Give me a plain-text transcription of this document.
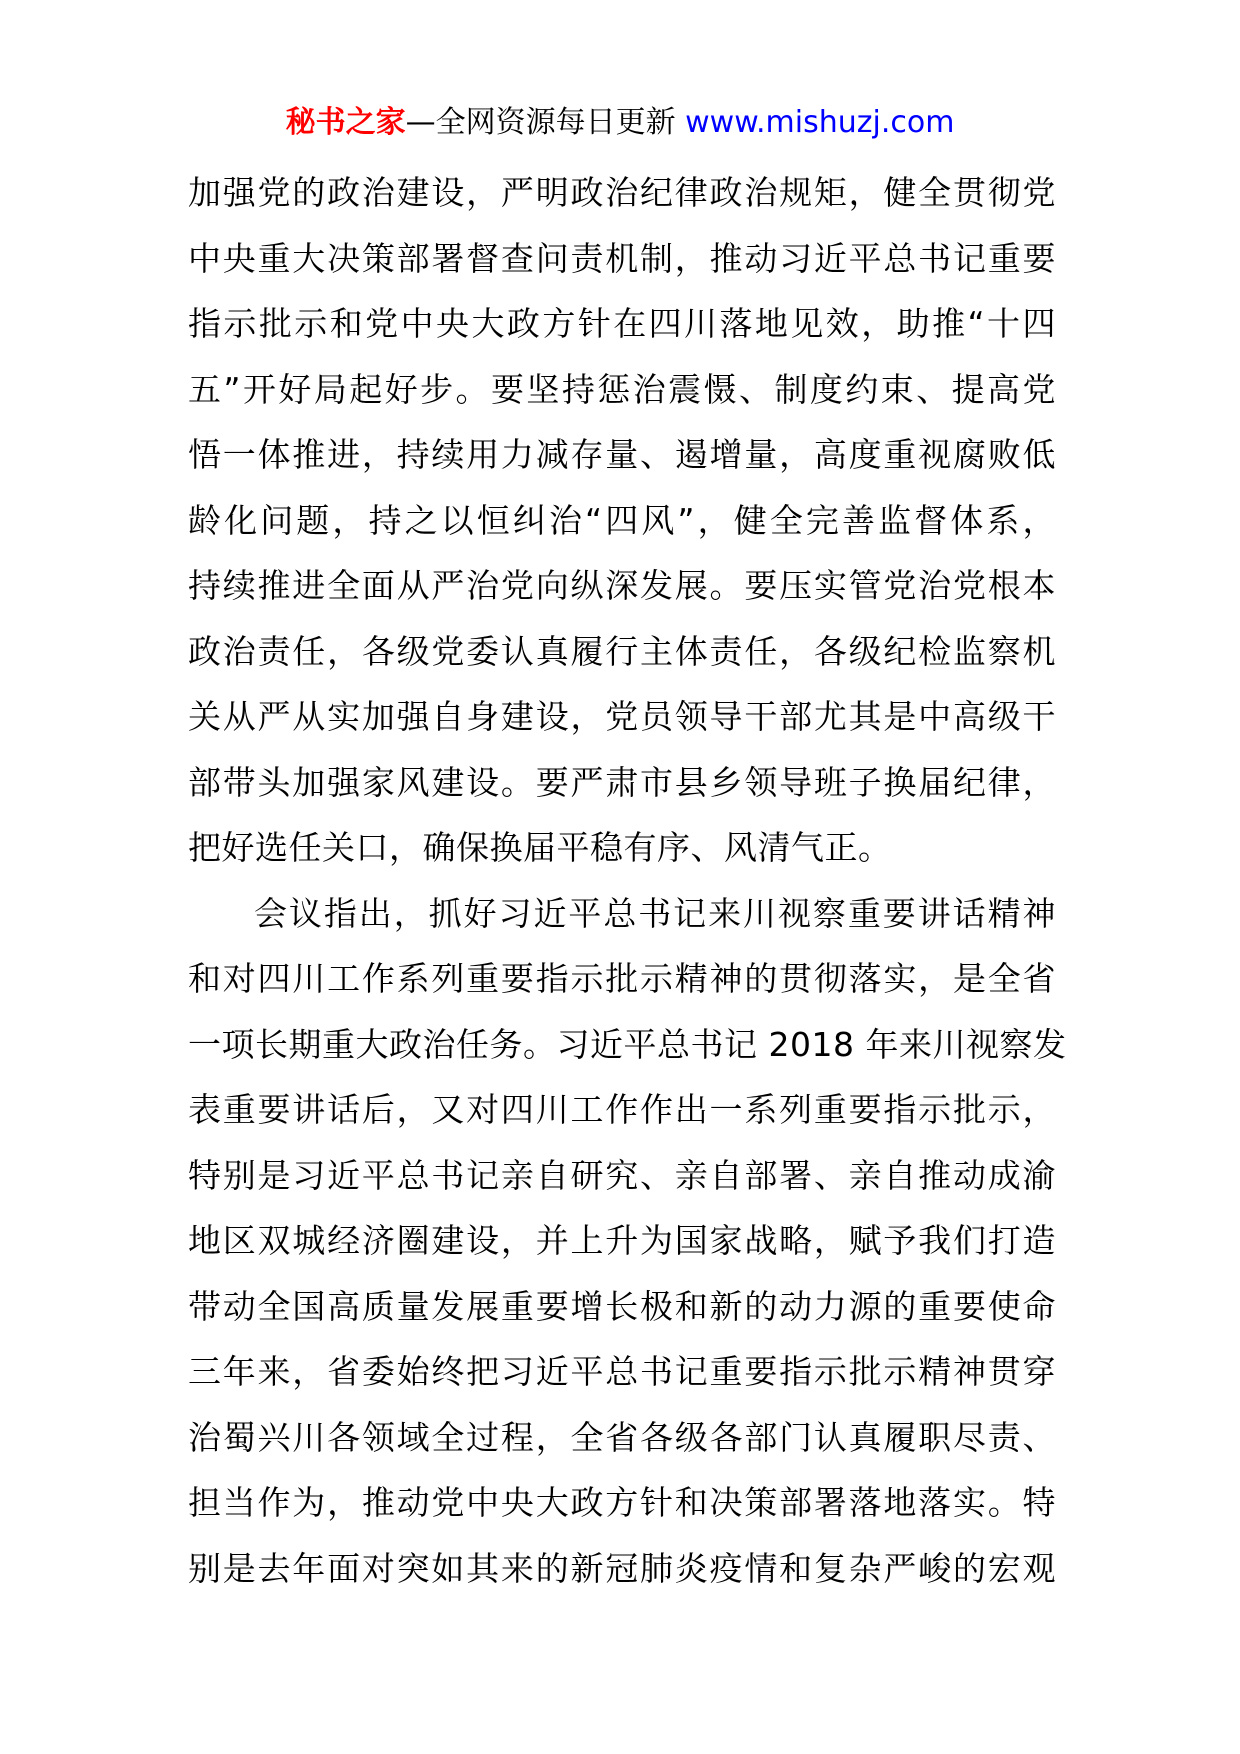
秘书之家—全网资源每日更新 www.mishuzj.com
加强党的政治建设，严明政治纪律政治规矩，健全贯彻党
中央重大决策部署督查问责机制，推动习近平总书记重要
指示批示和党中央大政方针在四川落地见效，助推“十四
五”开好局起好步。要坚持惩治震慑、制度约束、提高党
悟一体推进，持续用力减存量、遏增量，高度重视腐败低
龄化问题，持之以恒纠治“四风”，健全完善监督体系，
持续推进全面从严治党向纵深发展。要压实管党治党根本
政治责任，各级党委认真履行主体责任，各级纪检监察机
关从严从实加强自身建设，党员领导干部尤其是中高级干
部带头加强家风建设。要严肃市县乡领导班子换届纪律，
把好选任关口，确保换届平稳有序、风清气正。
会议指出，抓好习近平总书记来川视察重要讲话精神
和对四川工作系列重要指示批示精神的贯彻落实，是全省
一项长期重大政治任务。习近平总书记 2018 年来川视察发
表重要讲话后，又对四川工作作出一系列重要指示批示，
特别是习近平总书记亲自研究、亲自部署、亲自推动成渝
地区双城经济圈建设，并上升为国家战略，赋予我们打造
带动全国高质量发展重要增长极和新的动力源的重要使命
三年来，省委始终把习近平总书记重要指示批示精神贯穿
治蜀兴川各领域全过程，全省各级各部门认真履职尽责、
担当作为，推动党中央大政方针和决策部署落地落实。特
别是去年面对突如其来的新冠肺炎疫情和复杂严峻的宏观
